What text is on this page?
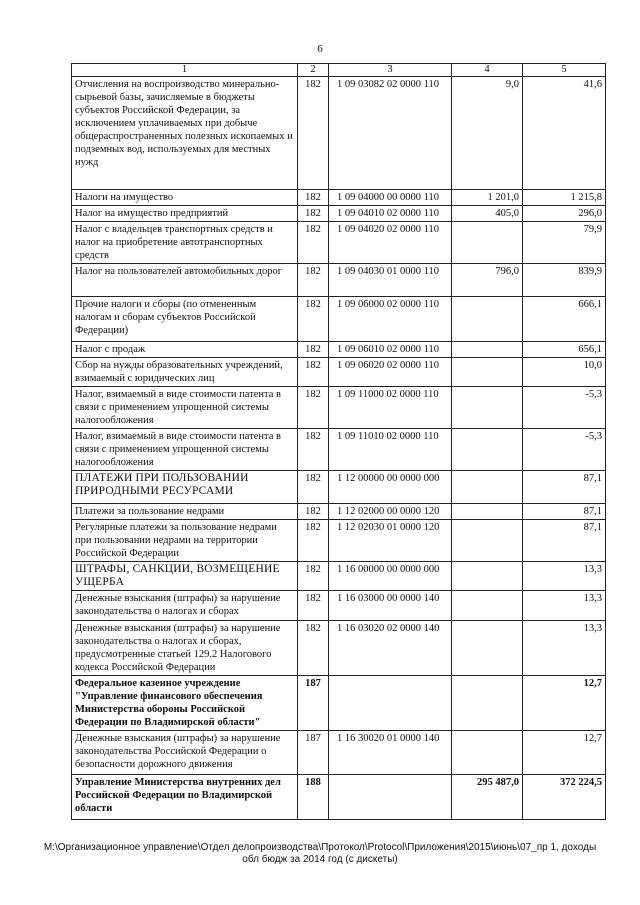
6
1	2	3	4	5
Отчисления на воспроизводство минерально-сырьевой базы, зачисляемые в бюджеты субъектов Российской Федерации, за исключением уплачиваемых при добыче общераспространенных полезных ископаемых и подземных вод, используемых для местных нужд	182	1 09 03082 02 0000 110	9,0	41,6
Налоги на имущество	182	1 09 04000 00 0000 110	1 201,0	1 215,8
Налог на имущество предприятий	182	1 09 04010 02 0000 110	405,0	296,0
Налог с владельцев транспортных средств и налог на приобретение автотранспортных средств	182	1 09 04020 02 0000 110		79,9
Налог на пользователей автомобильных дорог	182	1 09 04030 01 0000 110	796,0	839,9
Прочие налоги и сборы (по отмененным налогам и сборам субъектов Российской Федерации)	182	1 09 06000 02 0000 110		666,1
Налог с продаж	182	1 09 06010 02 0000 110		656,1
Сбор на нужды образовательных учреждений, взимаемый с юридических лиц	182	1 09 06020 02 0000 110		10,0
Налог, взимаемый в виде стоимости патента в связи с применением упрощенной системы налогообложения	182	1 09 11000 02 0000 110		-5,3
Налог, взимаемый в виде стоимости патента в связи с применением упрощенной системы налогообложения	182	1 09 11010 02 0000 110		-5,3
ПЛАТЕЖИ ПРИ ПОЛЬЗОВАНИИ ПРИРОДНЫМИ РЕСУРСАМИ	182	1 12 00000 00 0000 000		87,1
Платежи за пользование недрами	182	1 12 02000 00 0000 120		87,1
Регулярные платежи за пользование недрами при пользовании недрами на территории Российской Федерации	182	1 12 02030 01 0000 120		87,1
ШТРАФЫ, САНКЦИИ, ВОЗМЕЩЕНИЕ УЩЕРБА	182	1 16 00000 00 0000 000		13,3
Денежные взыскания (штрафы) за нарушение законодательства о налогах и сборах	182	1 16 03000 00 0000 140		13,3
Денежные взыскания (штрафы) за нарушение законодательства о налогах и сборах, предусмотренные статьей 129.2 Налогового кодекса Российской Федерации	182	1 16 03020 02 0000 140		13,3
Федеральное казенное учреждение "Управление финансового обеспечения Министерства обороны Российской Федерации по Владимирской области"	187			12,7
Денежные взыскания (штрафы) за нарушение законодательства Российской Федерации о безопасности дорожного движения	187	1 16 30020 01 0000 140		12,7
Управление Министерства внутренних дел Российской Федерации по Владимирской области	188		295 487,0	372 224,5
M:\Организационное управление\Отдел делопроизводства\Протокол\Protocol\Приложения\2015\июнь\07_пр 1, доходы обл бюдж за 2014 год (с дискеты)
